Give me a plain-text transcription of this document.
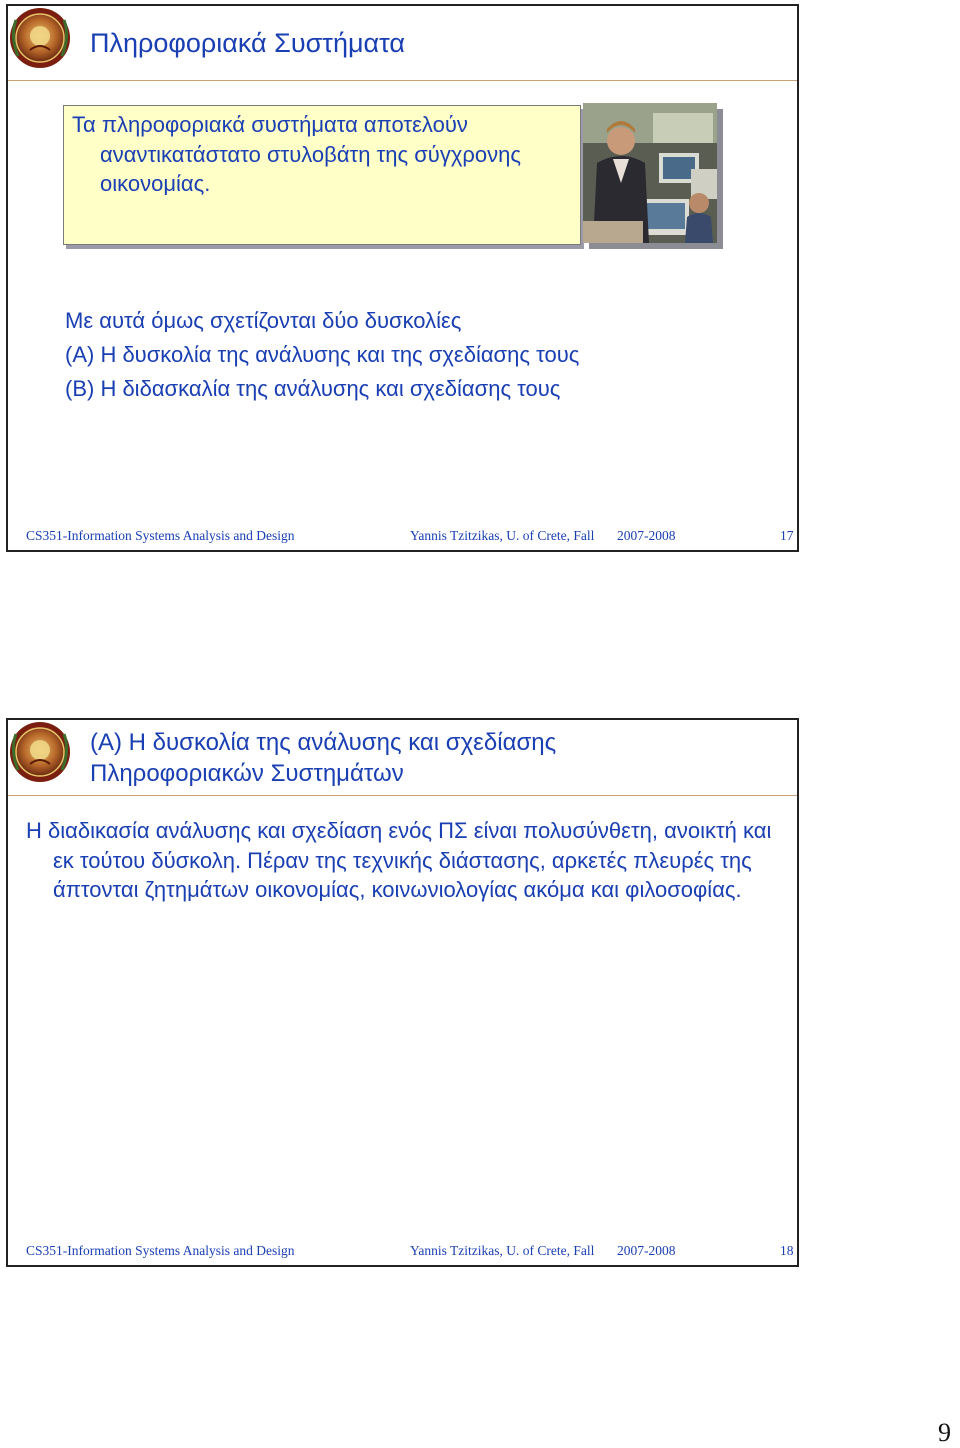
Πληροφοριακά Συστήματα
Τα πληροφοριακά συστήματα αποτελούν
αναντικατάστατο στυλοβάτη της σύγχρονης
οικονομίας.
Με αυτά όμως σχετίζονται δύο δυσκολίες
(A) Η δυσκολία της ανάλυσης και της σχεδίασης τους
(B) Η διδασκαλία της ανάλυσης και σχεδίασης τους
CS351-Information Systems Analysis and Design	Yannis Tzitzikas, U. of Crete, Fall 2007-2008	17
(A) Η δυσκολία της ανάλυσης και σχεδίασης
Πληροφοριακών Συστημάτων
Η διαδικασία ανάλυσης και σχεδίαση ενός ΠΣ είναι πολυσύνθετη, ανοικτή και εκ τούτου δύσκολη. Πέραν της τεχνικής διάστασης, αρκετές πλευρές της άπτονται ζητημάτων οικονομίας, κοινωνιολογίας ακόμα και φιλοσοφίας.
CS351-Information Systems Analysis and Design	Yannis Tzitzikas, U. of Crete, Fall 2007-2008	18
9
